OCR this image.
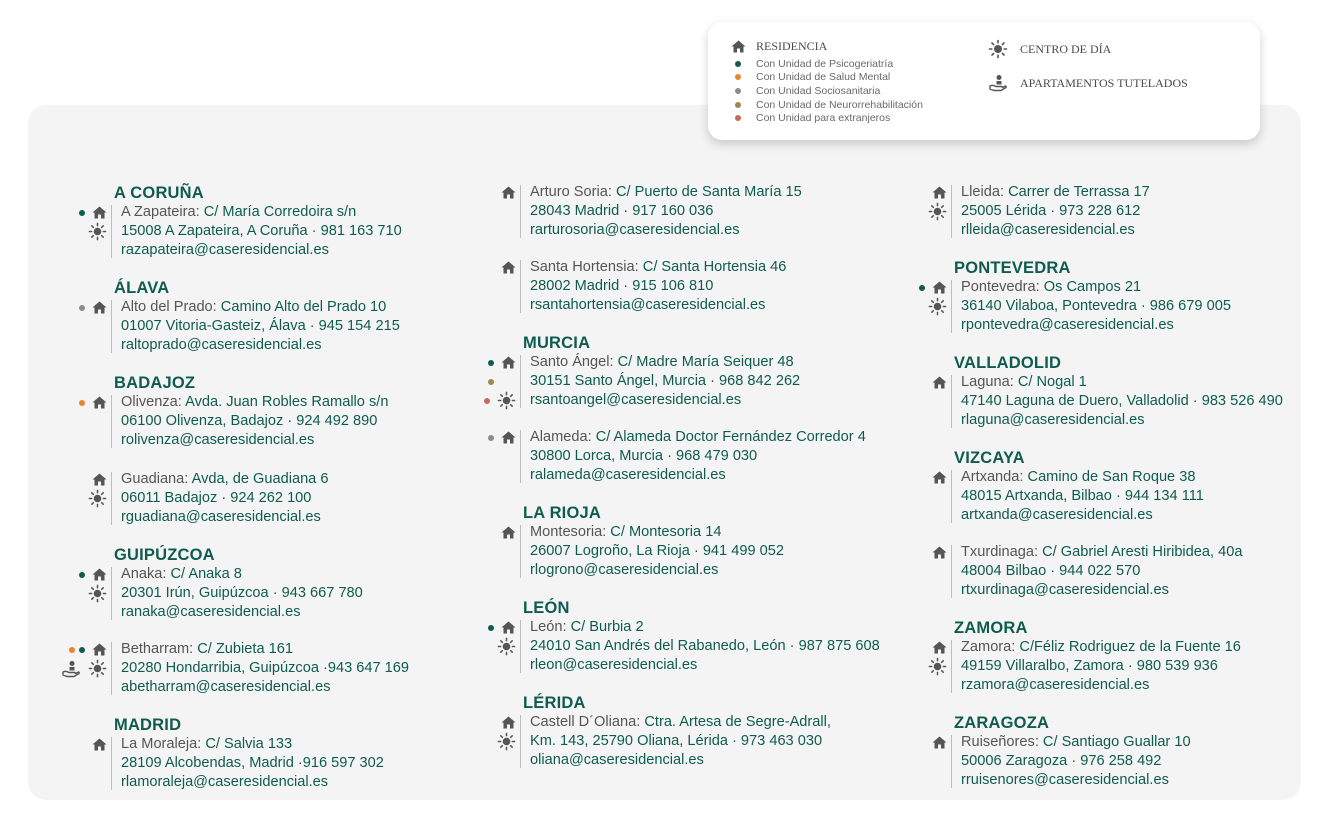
RESIDENCIA
Con Unidad de Psicogeriatría
Con Unidad de Salud Mental
Con Unidad Sociosanitaria
Con Unidad de Neurorrehabilitación
Con Unidad para extranjeros
CENTRO DE DÍA
APARTAMENTOS TUTELADOS
A CORUÑA
A Zapateira: C/ María Corredoira s/n
15008 A Zapateira, A Coruña · 981 163 710
razapateira@caseresidencial.es
ÁLAVA
Alto del Prado: Camino Alto del Prado 10
01007 Vitoria-Gasteiz, Álava · 945 154 215
raltoprado@caseresidencial.es
BADAJOZ
Olivenza: Avda. Juan Robles Ramallo s/n
06100 Olivenza, Badajoz · 924 492 890
rolivenza@caseresidencial.es
Guadiana: Avda, de Guadiana 6
06011 Badajoz · 924 262 100
rguadiana@caseresidencial.es
GUIPÚZCOA
Anaka: C/ Anaka 8
20301 Irún, Guipúzcoa · 943 667 780
ranaka@caseresidencial.es
Betharram: C/ Zubieta 161
20280 Hondarribia, Guipúzcoa ·943 647 169
abetharram@caseresidencial.es
MADRID
La Moraleja: C/ Salvia 133
28109 Alcobendas, Madrid ·916 597 302
rlamoraleja@caseresidencial.es
Arturo Soria: C/ Puerto de Santa María 15
28043 Madrid · 917 160 036
rarturosoria@caseresidencial.es
Santa Hortensia: C/ Santa Hortensia 46
28002 Madrid · 915 106 810
rsantahortensia@caseresidencial.es
MURCIA
Santo Ángel: C/ Madre María Seiquer 48
30151 Santo Ángel, Murcia · 968 842 262
rsantoangel@caseresidencial.es
Alameda: C/ Alameda Doctor Fernández Corredor 4
30800 Lorca, Murcia · 968 479 030
ralameda@caseresidencial.es
LA RIOJA
Montesoria: C/ Montesoria 14
26007 Logroño, La Rioja · 941 499 052
rlogrono@caseresidencial.es
LEÓN
León: C/ Burbia 2
24010 San Andrés del Rabanedo, León · 987 875 608
rleon@caseresidencial.es
LÉRIDA
Castell D´Oliana: Ctra. Artesa de Segre-Adrall,
Km. 143, 25790 Oliana, Lérida · 973 463 030
oliana@caseresidencial.es
Lleida: Carrer de Terrassa 17
25005 Lérida · 973 228 612
rlleida@caseresidencial.es
PONTEVEDRA
Pontevedra: Os Campos 21
36140 Vilaboa, Pontevedra · 986 679 005
rpontevedra@caseresidencial.es
VALLADOLID
Laguna: C/ Nogal 1
47140 Laguna de Duero, Valladolid · 983 526 490
rlaguna@caseresidencial.es
VIZCAYA
Artxanda: Camino de San Roque 38
48015 Artxanda, Bilbao · 944 134 111
artxanda@caseresidencial.es
Txurdinaga: C/ Gabriel Aresti Hiribidea, 40a
48004 Bilbao · 944 022 570
rtxurdinaga@caseresidencial.es
ZAMORA
Zamora: C/Féliz Rodriguez de la Fuente 16
49159 Villaralbo, Zamora · 980 539 936
rzamora@caseresidencial.es
ZARAGOZA
Ruiseñores: C/ Santiago Guallar 10
50006 Zaragoza · 976 258 492
rruisenores@caseresidencial.es
